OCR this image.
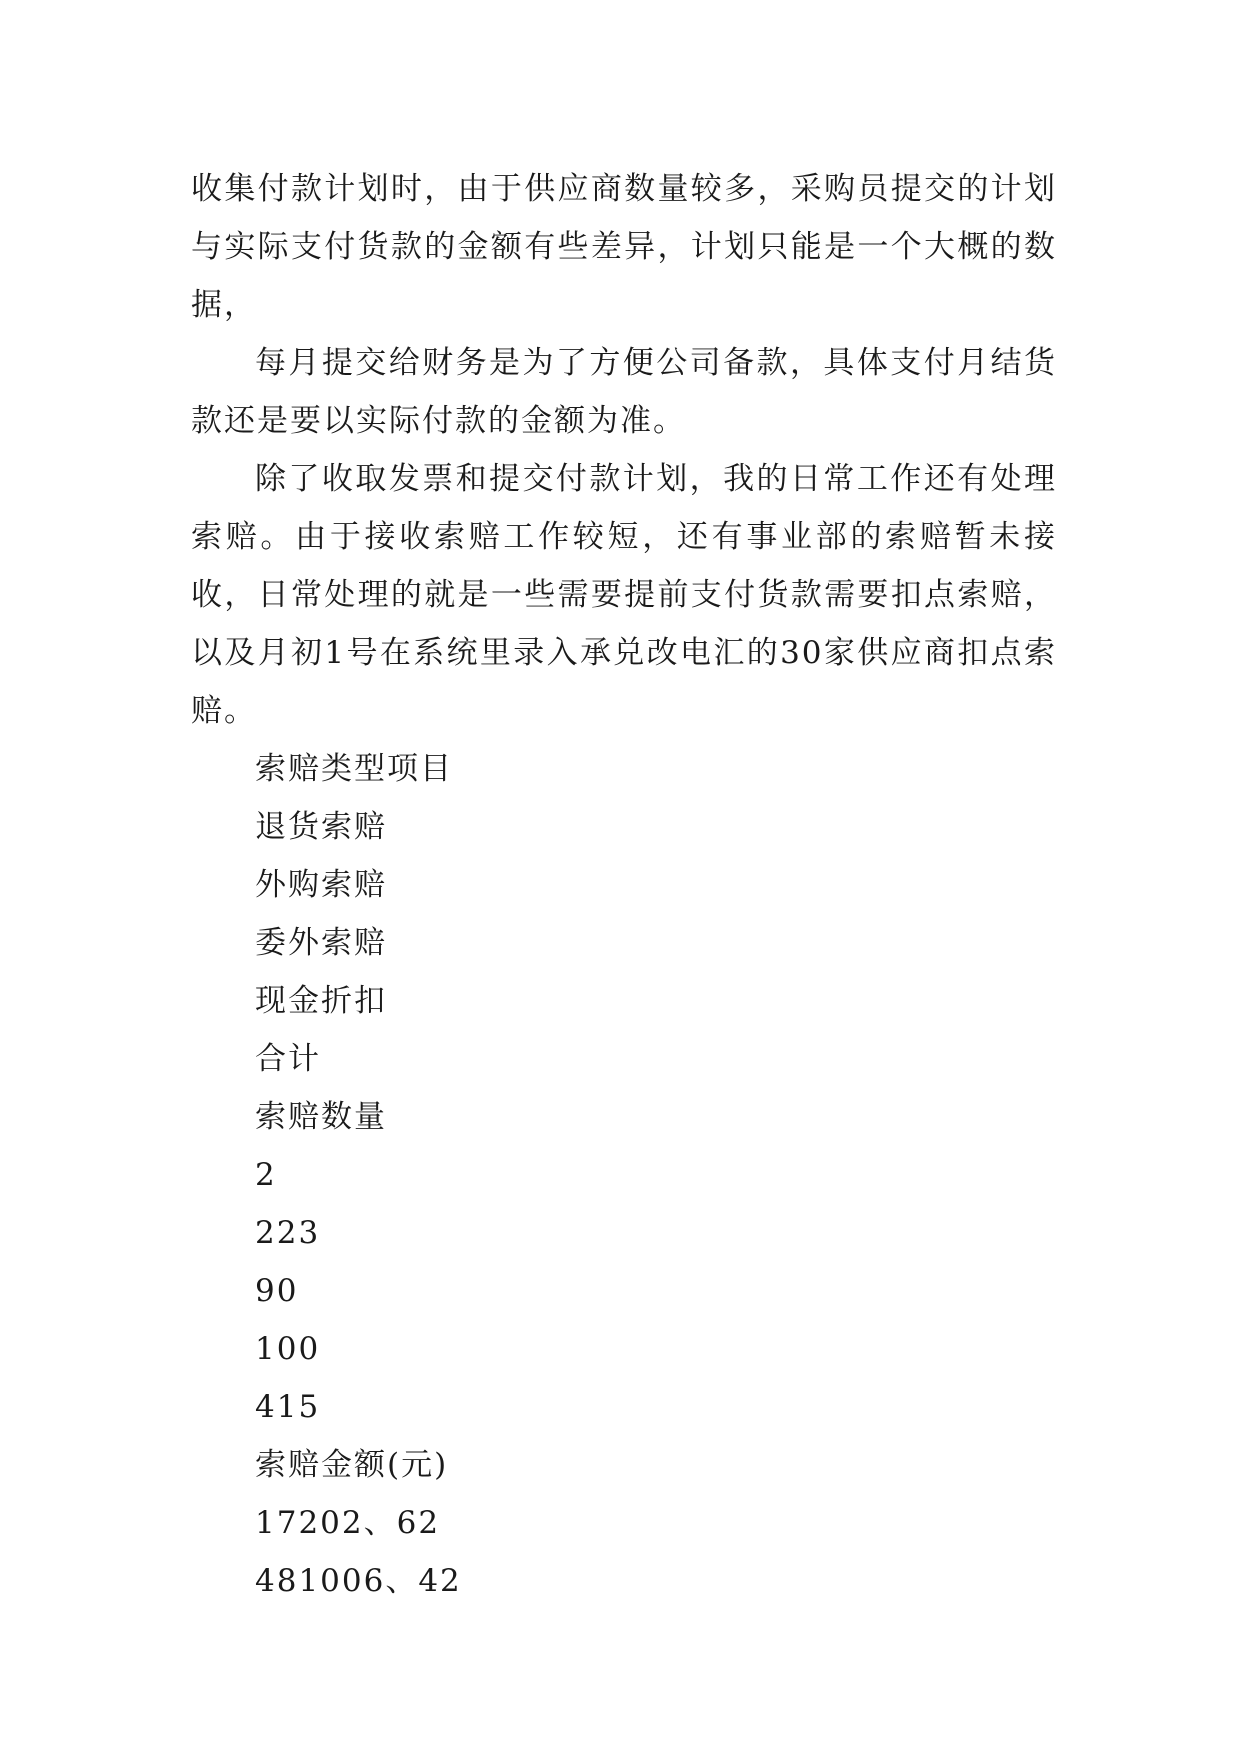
收集付款计划时，由于供应商数量较多，采购员提交的计划与实际支付货款的金额有些差异，计划只能是一个大概的数据，

每月提交给财务是为了方便公司备款，具体支付月结货款还是要以实际付款的金额为准。

除了收取发票和提交付款计划，我的日常工作还有处理索赔。由于接收索赔工作较短，还有事业部的索赔暂未接收，日常处理的就是一些需要提前支付货款需要扣点索赔，以及月初1号在系统里录入承兑改电汇的30家供应商扣点索赔。

索赔类型项目
退货索赔
外购索赔
委外索赔
现金折扣
合计
索赔数量
2
223
90
100
415
索赔金额(元)
17202、62
481006、42
